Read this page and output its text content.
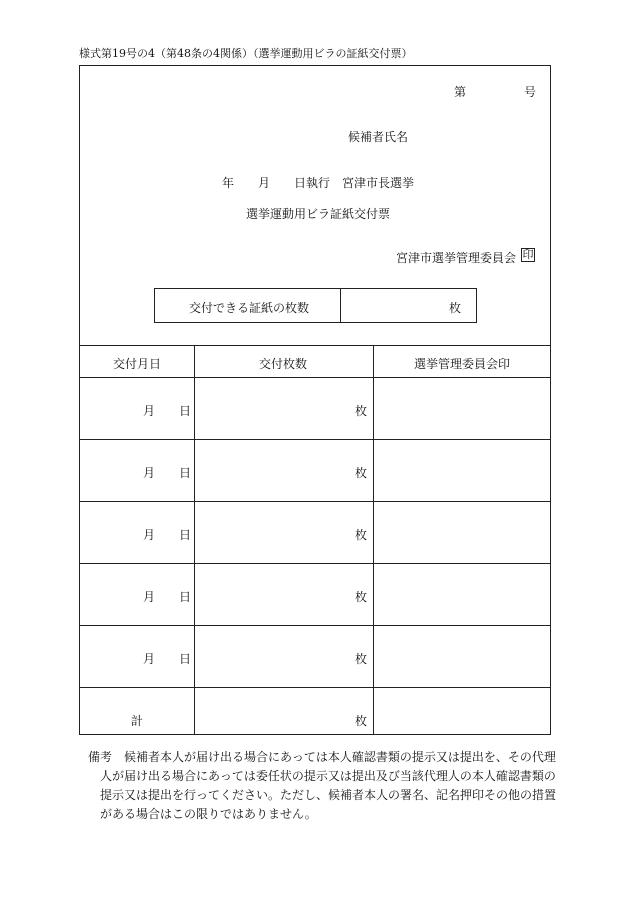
様式第19号の4（第48条の4関係）（選挙運動用ビラの証紙交付票）
第	号
候補者氏名
年　　月　　日執行　宮津市長選挙
選挙運動用ビラ証紙交付票
宮津市選挙管理委員会 印
交付できる証紙の枚数	枚
交付月日	交付枚数	選挙管理委員会印
月　　日	枚
月　　日	枚
月　　日	枚
月　　日	枚
月　　日	枚
計	枚
備考　 候補者本人が届け出る場合にあっては本人確認書類の提示又は提出を、その代理
人が届け出る場合にあっては委任状の提示又は提出及び当該代理人の本人確認書類の
提示又は提出を行ってください。ただし、候補者本人の署名、記名押印その他の措置
がある場合はこの限りではありません。
